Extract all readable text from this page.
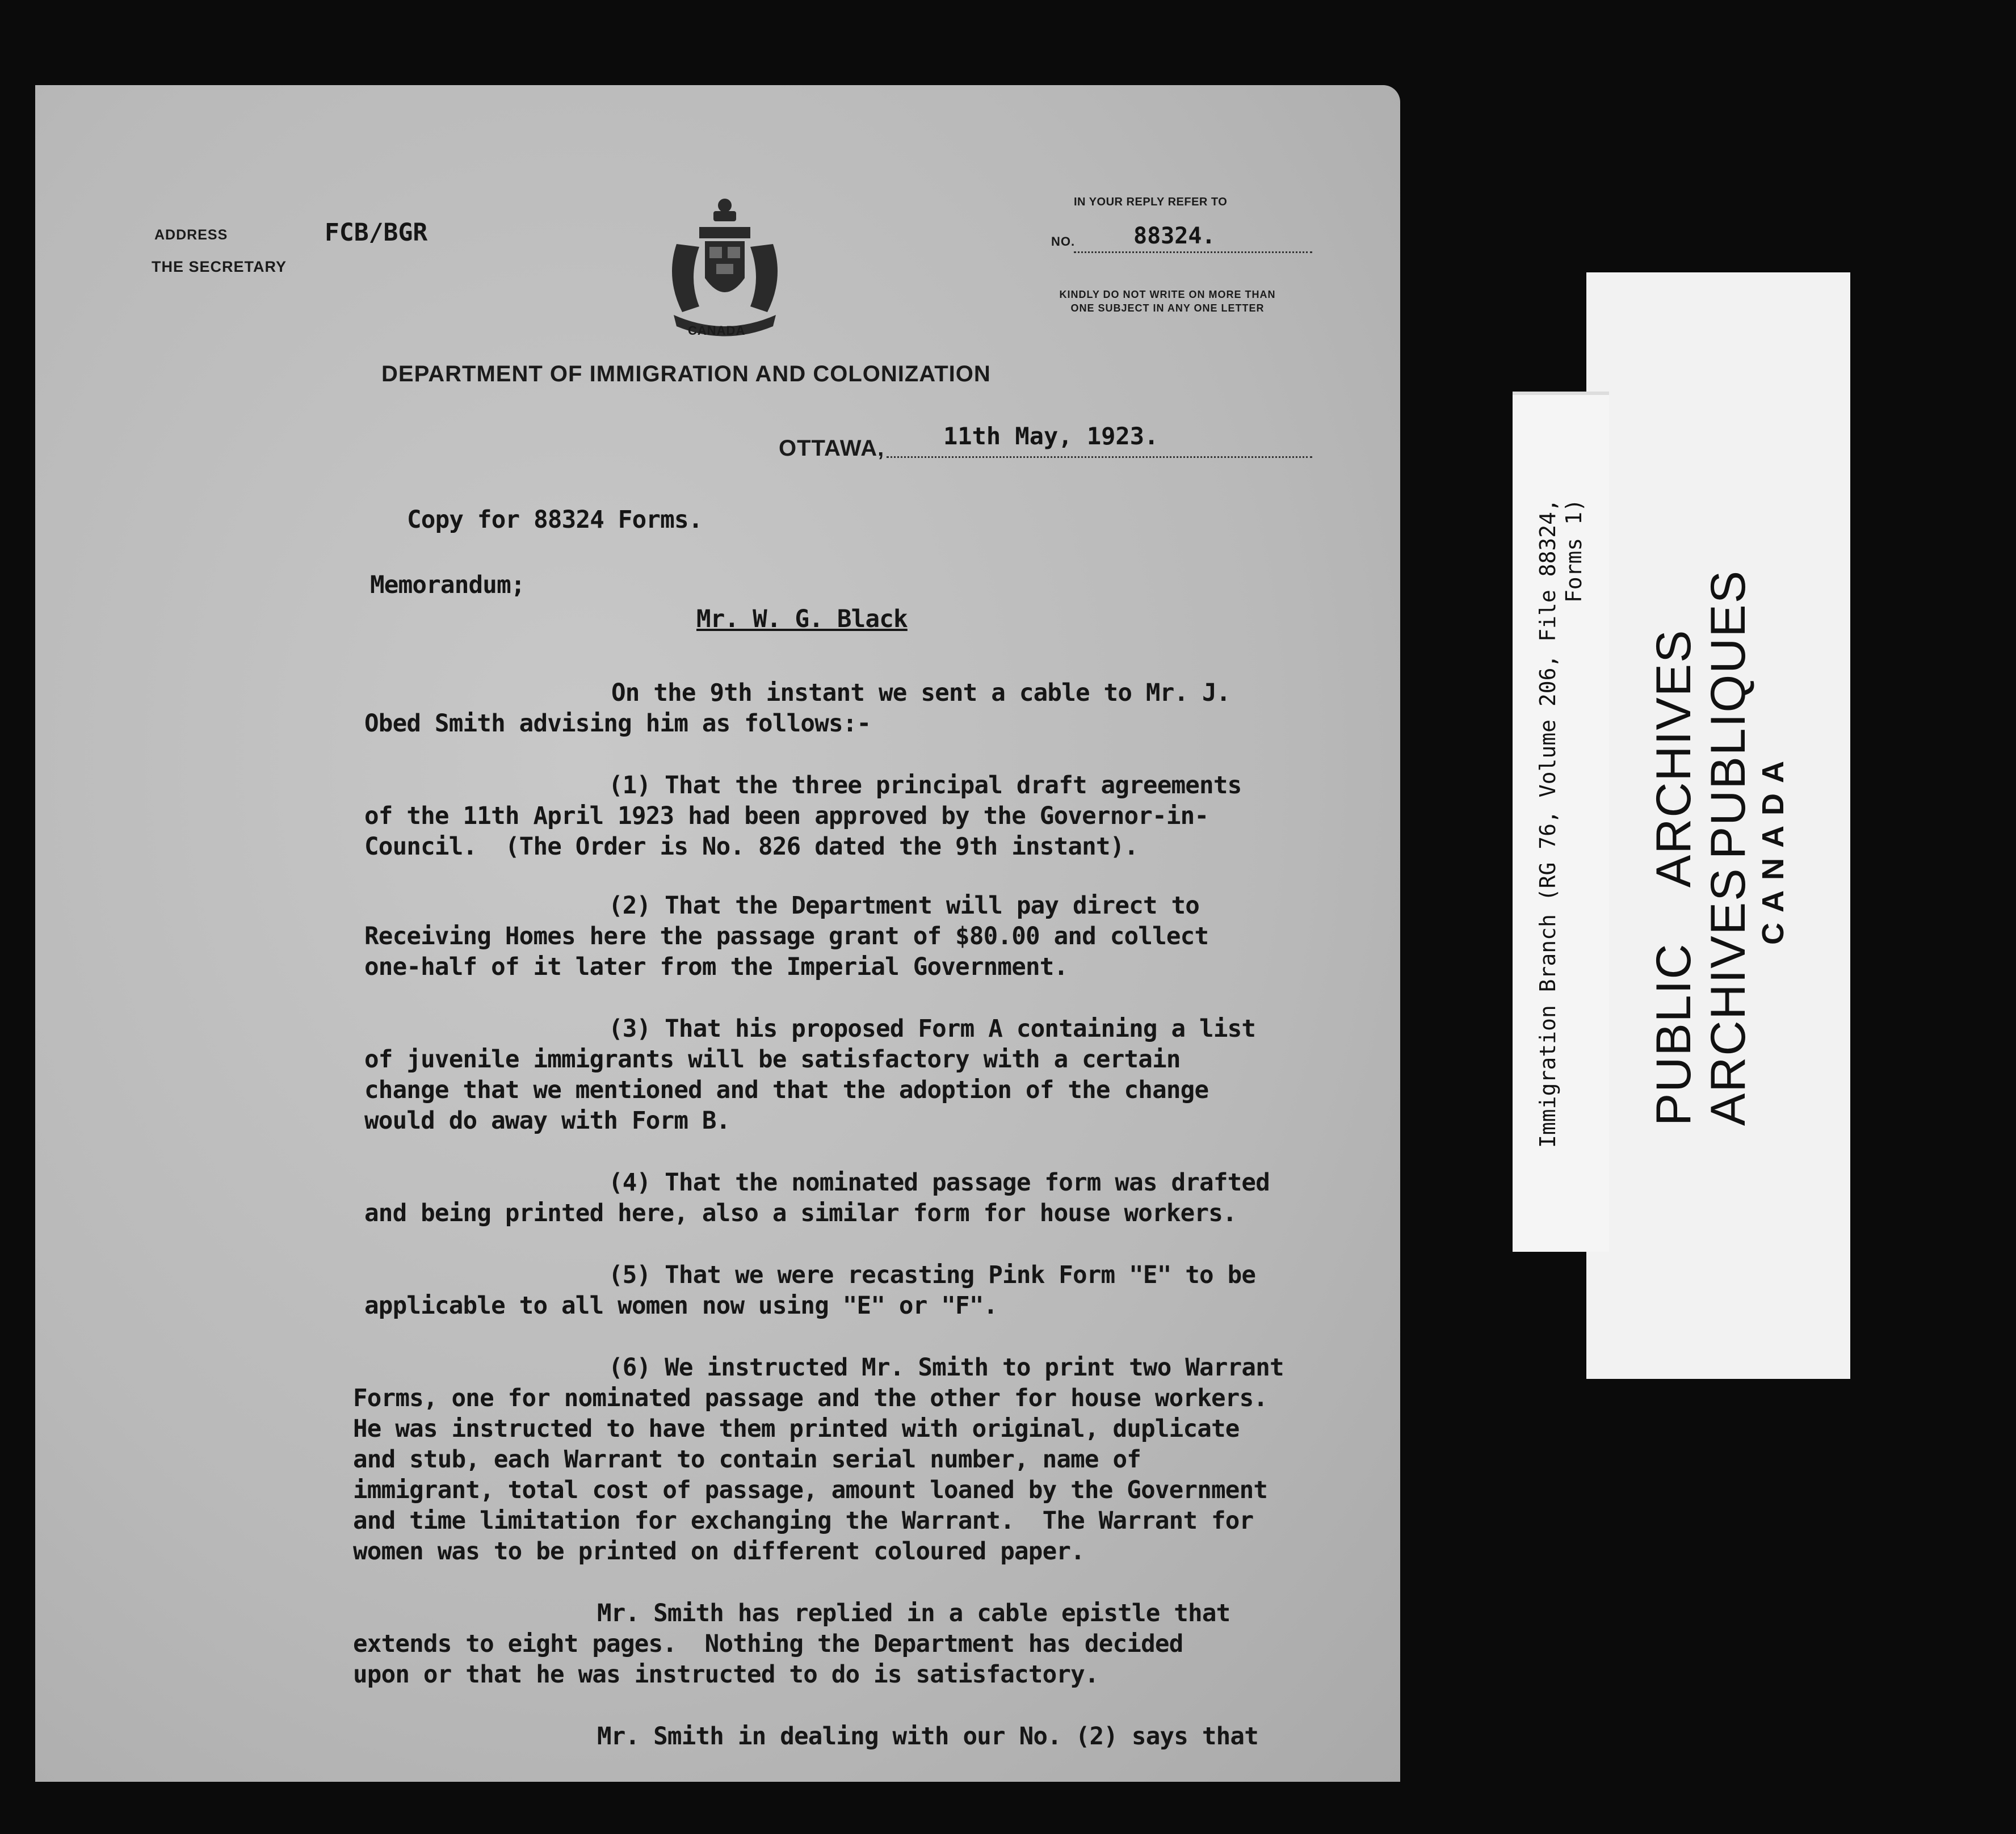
ADDRESS
THE SECRETARY
FCB/BGR
CANADA
IN YOUR REPLY REFER TO
NO.	88324.
KINDLY DO NOT WRITE ON MORE THAN
ONE SUBJECT IN ANY ONE LETTER
DEPARTMENT OF IMMIGRATION AND COLONIZATION
OTTAWA, 11th May, 1923.
Copy for 88324 Forms.
Memorandum;
Mr. W. G. Black
On the 9th instant we sent a cable to Mr. J.
Obed Smith advising him as follows:-
(1) That the three principal draft agreements
of the 11th April 1923 had been approved by the Governor-in-
Council.  (The Order is No. 826 dated the 9th instant).
(2) That the Department will pay direct to
Receiving Homes here the passage grant of $80.00 and collect
one-half of it later from the Imperial Government.
(3) That his proposed Form A containing a list
of juvenile immigrants will be satisfactory with a certain
change that we mentioned and that the adoption of the change
would do away with Form B.
(4) That the nominated passage form was drafted
and being printed here, also a similar form for house workers.
(5) That we were recasting Pink Form "E" to be
applicable to all women now using "E" or "F".
(6) We instructed Mr. Smith to print two Warrant
Forms, one for nominated passage and the other for house workers.
He was instructed to have them printed with original, duplicate
and stub, each Warrant to contain serial number, name of
immigrant, total cost of passage, amount loaned by the Government
and time limitation for exchanging the Warrant.  The Warrant for
women was to be printed on different coloured paper.
Mr. Smith has replied in a cable epistle that
extends to eight pages.  Nothing the Department has decided
upon or that he was instructed to do is satisfactory.
Mr. Smith in dealing with our No. (2) says that
PUBLICARCHIVES
ARCHIVESPUBLIQUES CANADA
Immigration Branch (RG 76, Volume 206, File 88324, Forms 1)
